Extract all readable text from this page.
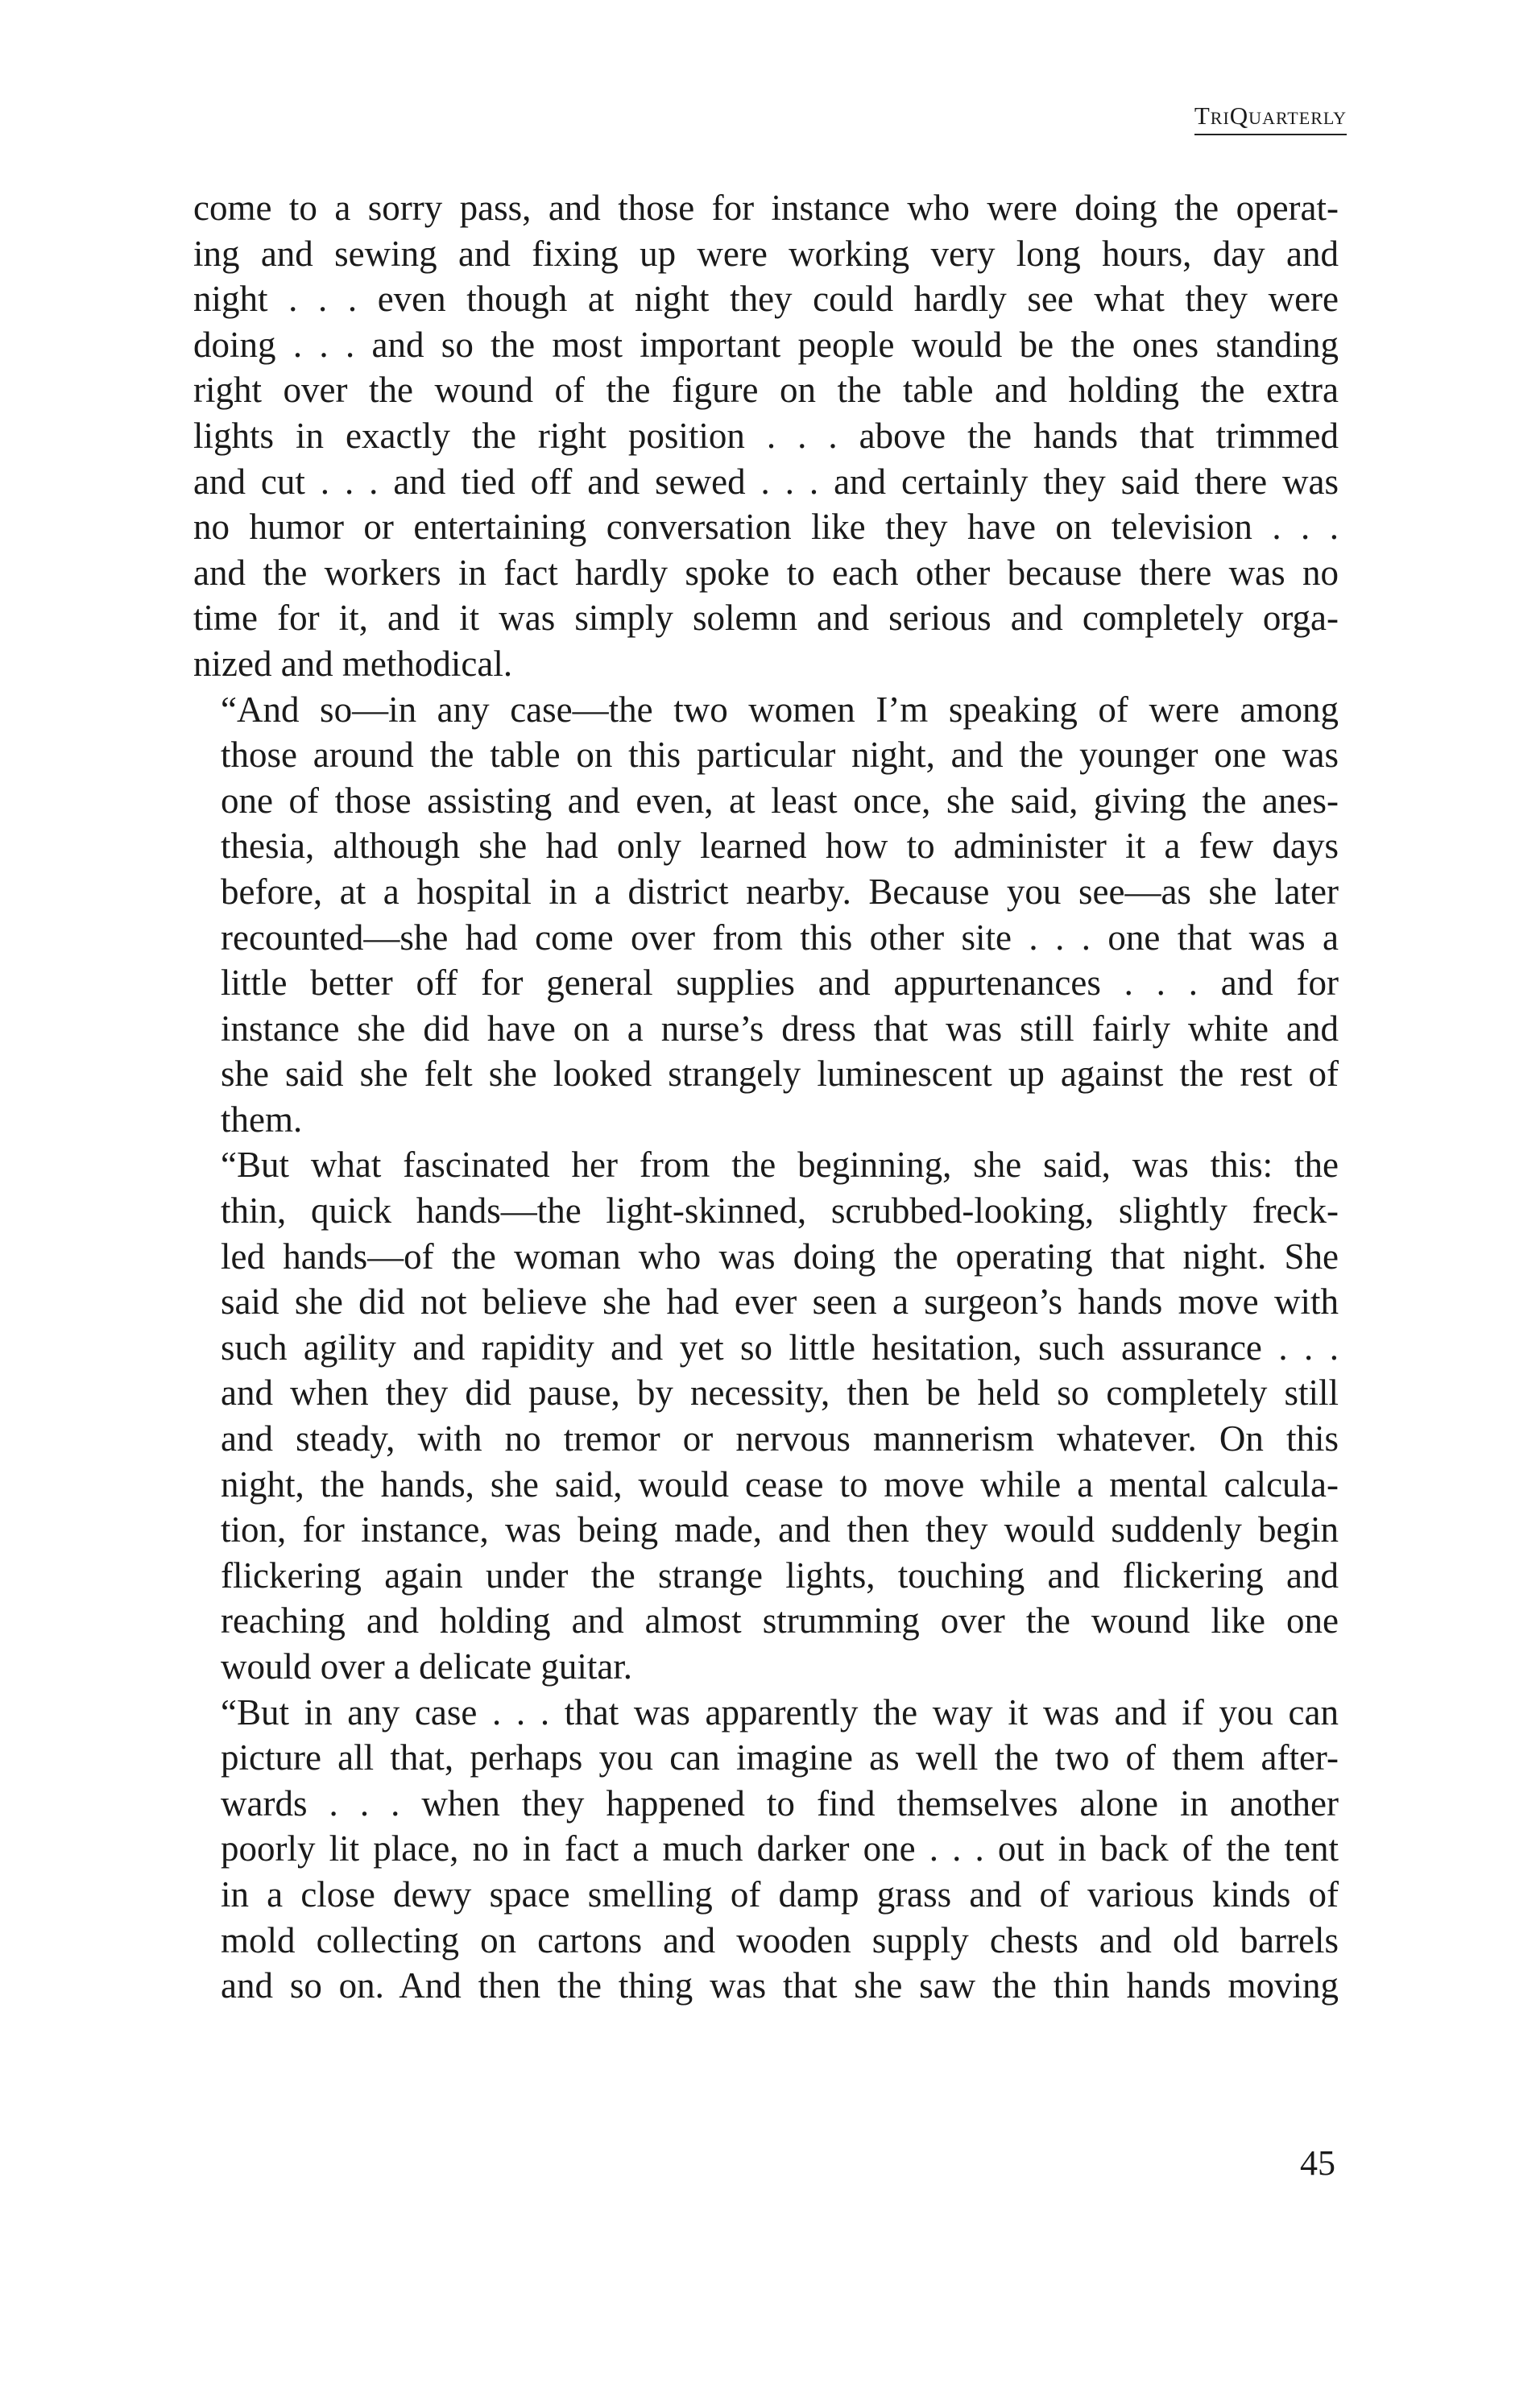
TriQuarterly

come to a sorry pass, and those for instance who were doing the operat-
ing and sewing and fixing up were working very long hours, day and
night . . . even though at night they could hardly see what they were
doing . . . and so the most important people would be the ones standing
right over the wound of the figure on the table and holding the extra
lights in exactly the right position . . . above the hands that trimmed
and cut . . . and tied off and sewed . . . and certainly they said there was
no humor or entertaining conversation like they have on television . . .
and the workers in fact hardly spoke to each other because there was no
time for it, and it was simply solemn and serious and completely orga-
nized and methodical.

“And so—in any case—the two women I’m speaking of were among
those around the table on this particular night, and the younger one was
one of those assisting and even, at least once, she said, giving the anes-
thesia, although she had only learned how to administer it a few days
before, at a hospital in a district nearby. Because you see—as she later
recounted—she had come over from this other site . . . one that was a
little better off for general supplies and appurtenances . . . and for
instance she did have on a nurse’s dress that was still fairly white and
she said she felt she looked strangely luminescent up against the rest of
them.

“But what fascinated her from the beginning, she said, was this: the
thin, quick hands—the light-skinned, scrubbed-looking, slightly freck-
led hands—of the woman who was doing the operating that night. She
said she did not believe she had ever seen a surgeon’s hands move with
such agility and rapidity and yet so little hesitation, such assurance . . .
and when they did pause, by necessity, then be held so completely still
and steady, with no tremor or nervous mannerism whatever. On this
night, the hands, she said, would cease to move while a mental calcula-
tion, for instance, was being made, and then they would suddenly begin
flickering again under the strange lights, touching and flickering and
reaching and holding and almost strumming over the wound like one
would over a delicate guitar.

“But in any case . . . that was apparently the way it was and if you can
picture all that, perhaps you can imagine as well the two of them after-
wards . . . when they happened to find themselves alone in another
poorly lit place, no in fact a much darker one . . . out in back of the tent
in a close dewy space smelling of damp grass and of various kinds of
mold collecting on cartons and wooden supply chests and old barrels
and so on. And then the thing was that she saw the thin hands moving

45
